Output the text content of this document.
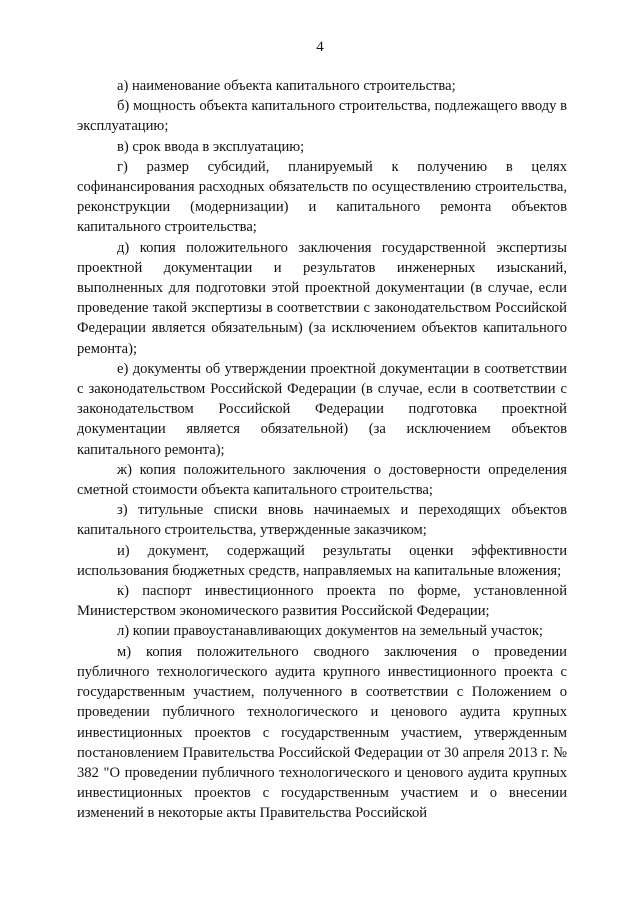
4

а) наименование объекта капитального строительства;

б) мощность объекта капитального строительства, подлежащего вводу в эксплуатацию;

в) срок ввода в эксплуатацию;

г) размер субсидий, планируемый к получению в целях софинансирования расходных обязательств по осуществлению строительства, реконструкции (модернизации) и капитального ремонта объектов капитального строительства;

д) копия положительного заключения государственной экспертизы проектной документации и результатов инженерных изысканий, выполненных для подготовки этой проектной документации (в случае, если проведение такой экспертизы в соответствии с законодательством Российской Федерации является обязательным) (за исключением объектов капитального ремонта);

е) документы об утверждении проектной документации в соответствии с законодательством Российской Федерации (в случае, если в соответствии с законодательством Российской Федерации подготовка проектной документации является обязательной) (за исключением объектов капитального ремонта);

ж) копия положительного заключения о достоверности определения сметной стоимости объекта капитального строительства;

з) титульные списки вновь начинаемых и переходящих объектов капитального строительства, утвержденные заказчиком;

и) документ, содержащий результаты оценки эффективности использования бюджетных средств, направляемых на капитальные вложения;

к) паспорт инвестиционного проекта по форме, установленной Министерством экономического развития Российской Федерации;

л) копии правоустанавливающих документов на земельный участок;

м) копия положительного сводного заключения о проведении публичного технологического аудита крупного инвестиционного проекта с государственным участием, полученного в соответствии с Положением о проведении публичного технологического и ценового аудита крупных инвестиционных проектов с государственным участием, утвержденным постановлением Правительства Российской Федерации от 30 апреля 2013 г. № 382 "О проведении публичного технологического и ценового аудита крупных инвестиционных проектов с государственным участием и о внесении изменений в некоторые акты Правительства Российской
